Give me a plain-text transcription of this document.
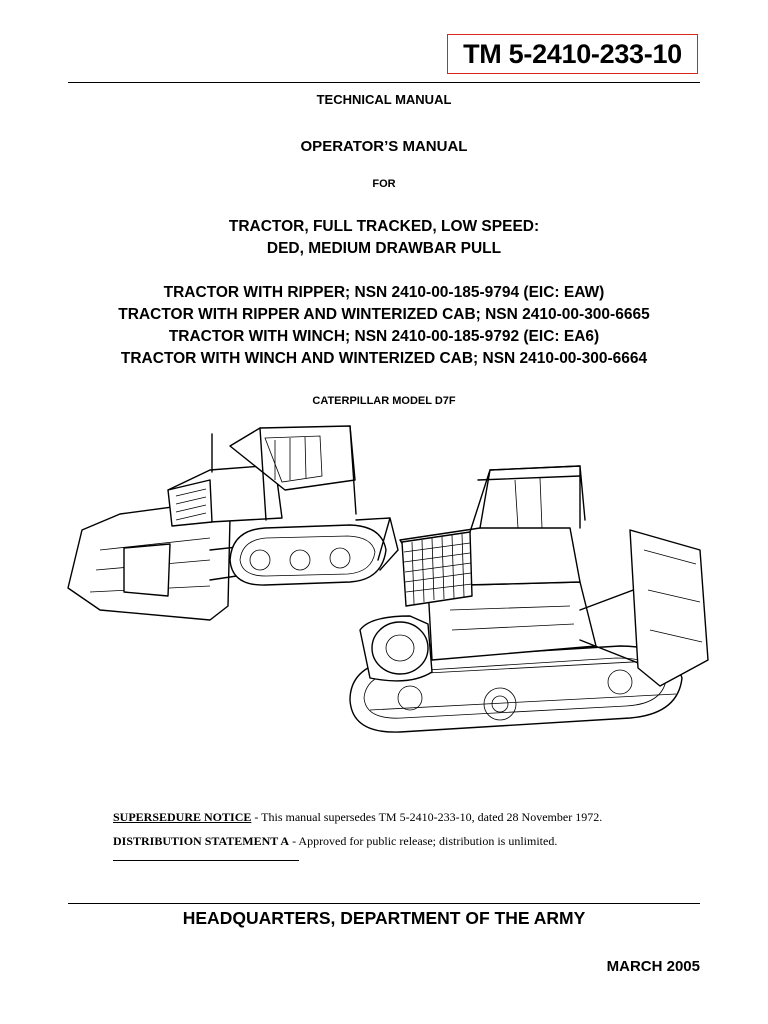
TM 5-2410-233-10
TECHNICAL MANUAL
OPERATOR’S MANUAL
FOR
TRACTOR, FULL TRACKED, LOW SPEED:
DED, MEDIUM DRAWBAR PULL
TRACTOR WITH RIPPER; NSN 2410-00-185-9794 (EIC: EAW)
TRACTOR WITH RIPPER AND WINTERIZED CAB; NSN 2410-00-300-6665
TRACTOR WITH WINCH; NSN 2410-00-185-9792 (EIC: EA6)
TRACTOR WITH WINCH AND WINTERIZED CAB; NSN 2410-00-300-6664
CATERPILLAR MODEL D7F
SUPERSEDURE NOTICE - This manual supersedes TM 5-2410-233-10, dated 28 November 1972.
DISTRIBUTION STATEMENT A - Approved for public release; distribution is unlimited.
HEADQUARTERS, DEPARTMENT OF THE ARMY
MARCH 2005
